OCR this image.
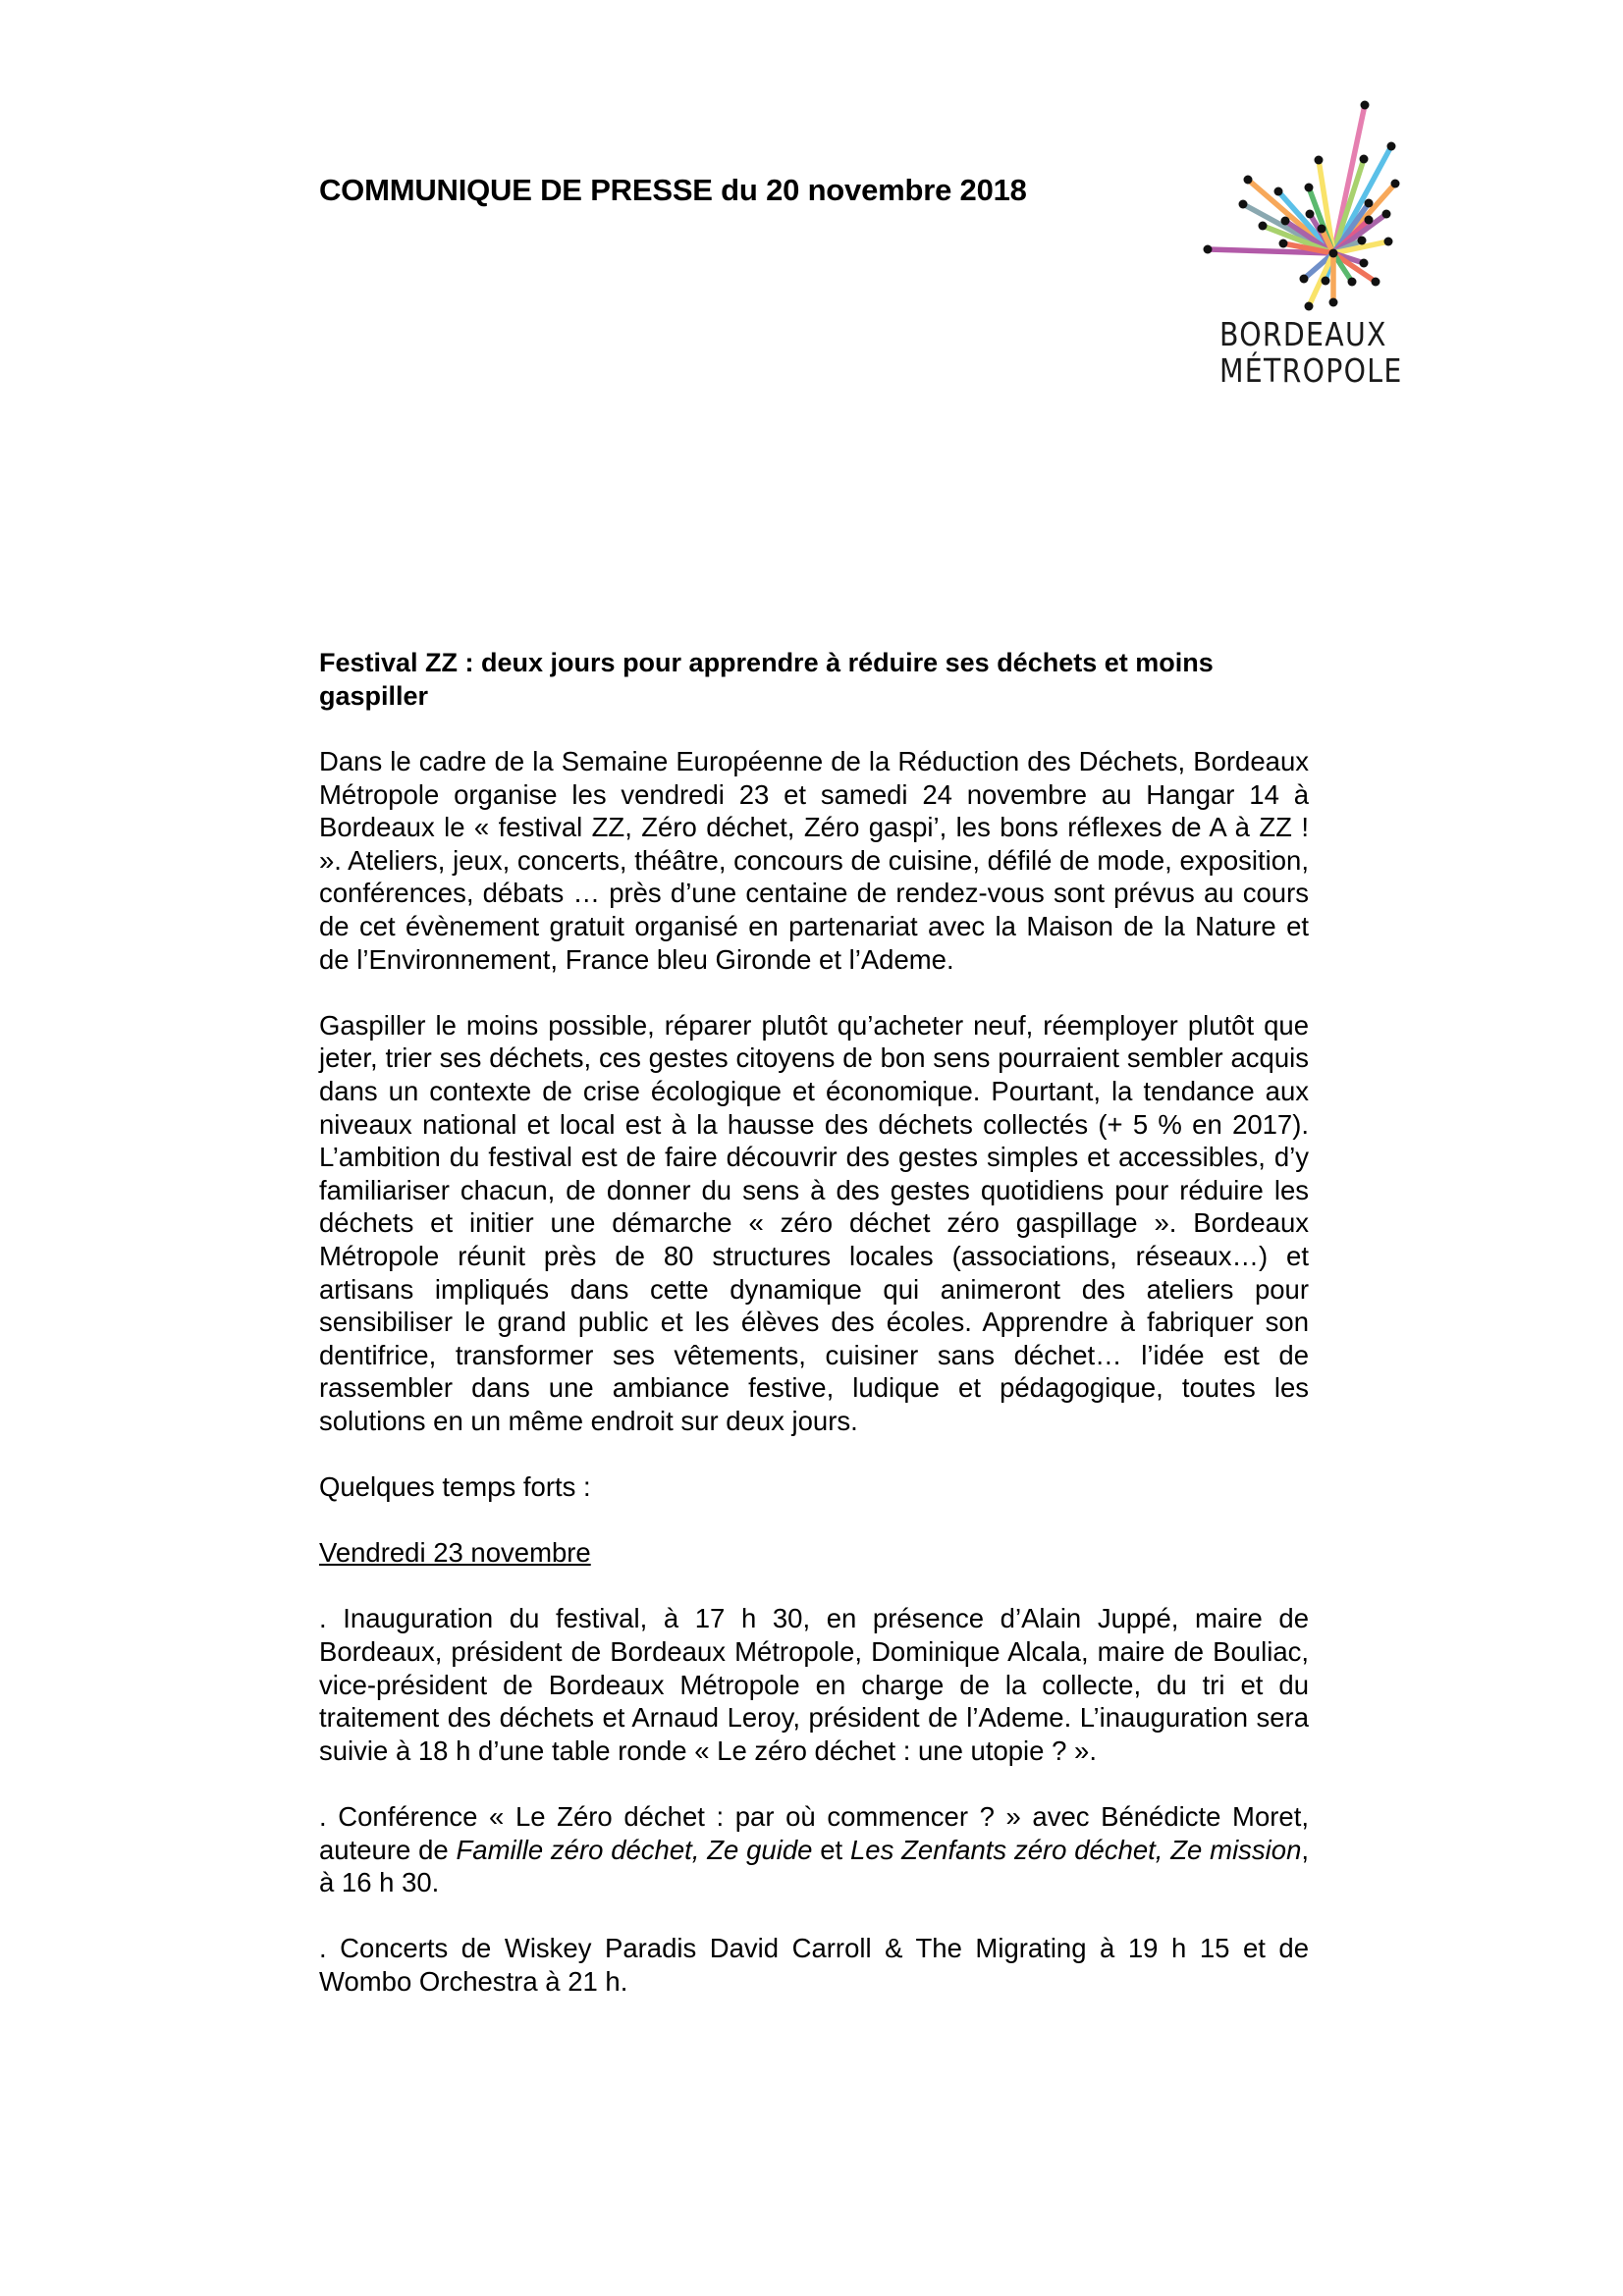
COMMUNIQUE DE PRESSE du 20 novembre 2018
BORDEAUX
MÉTROPOLE

Festival ZZ : deux jours pour apprendre à réduire ses déchets et moins gaspiller

Dans le cadre de la Semaine Européenne de la Réduction des Déchets, Bordeaux Métropole organise les vendredi 23 et samedi 24 novembre au Hangar 14 à Bordeaux le « festival ZZ, Zéro déchet, Zéro gaspi’, les bons réflexes de A à ZZ ! ». Ateliers, jeux, concerts, théâtre, concours de cuisine, défilé de mode, exposition, conférences, débats … près d’une centaine de rendez-vous sont prévus au cours de cet évènement gratuit organisé en partenariat avec la Maison de la Nature et de l’Environnement, France bleu Gironde et l’Ademe.

Gaspiller le moins possible, réparer plutôt qu’acheter neuf, réemployer plutôt que jeter, trier ses déchets, ces gestes citoyens de bon sens pourraient sembler acquis dans un contexte de crise écologique et économique. Pourtant, la tendance aux niveaux national et local est à la hausse des déchets collectés (+ 5 % en 2017). L’ambition du festival est de faire découvrir des gestes simples et accessibles, d’y familiariser chacun, de donner du sens à des gestes quotidiens pour réduire les déchets et initier une démarche « zéro déchet zéro gaspillage ». Bordeaux Métropole réunit près de 80 structures locales (associations, réseaux…) et artisans impliqués dans cette dynamique qui animeront des ateliers pour sensibiliser le grand public et les élèves des écoles. Apprendre à fabriquer son dentifrice, transformer ses vêtements, cuisiner sans déchet… l’idée est de rassembler dans une ambiance festive, ludique et pédagogique, toutes les solutions en un même endroit sur deux jours.

Quelques temps forts :

Vendredi 23 novembre

. Inauguration du festival, à 17 h 30, en présence d’Alain Juppé, maire de Bordeaux, président de Bordeaux Métropole, Dominique Alcala, maire de Bouliac, vice-président de Bordeaux Métropole en charge de la collecte, du tri et du traitement des déchets et Arnaud Leroy, président de l’Ademe. L’inauguration sera suivie à 18 h d’une table ronde « Le zéro déchet : une utopie ? ».

. Conférence « Le Zéro déchet : par où commencer ? » avec Bénédicte Moret, auteure de Famille zéro déchet, Ze guide et Les Zenfants zéro déchet, Ze mission, à 16 h 30.

. Concerts de Wiskey Paradis David Carroll & The Migrating à 19 h 15 et de Wombo Orchestra à 21 h.
